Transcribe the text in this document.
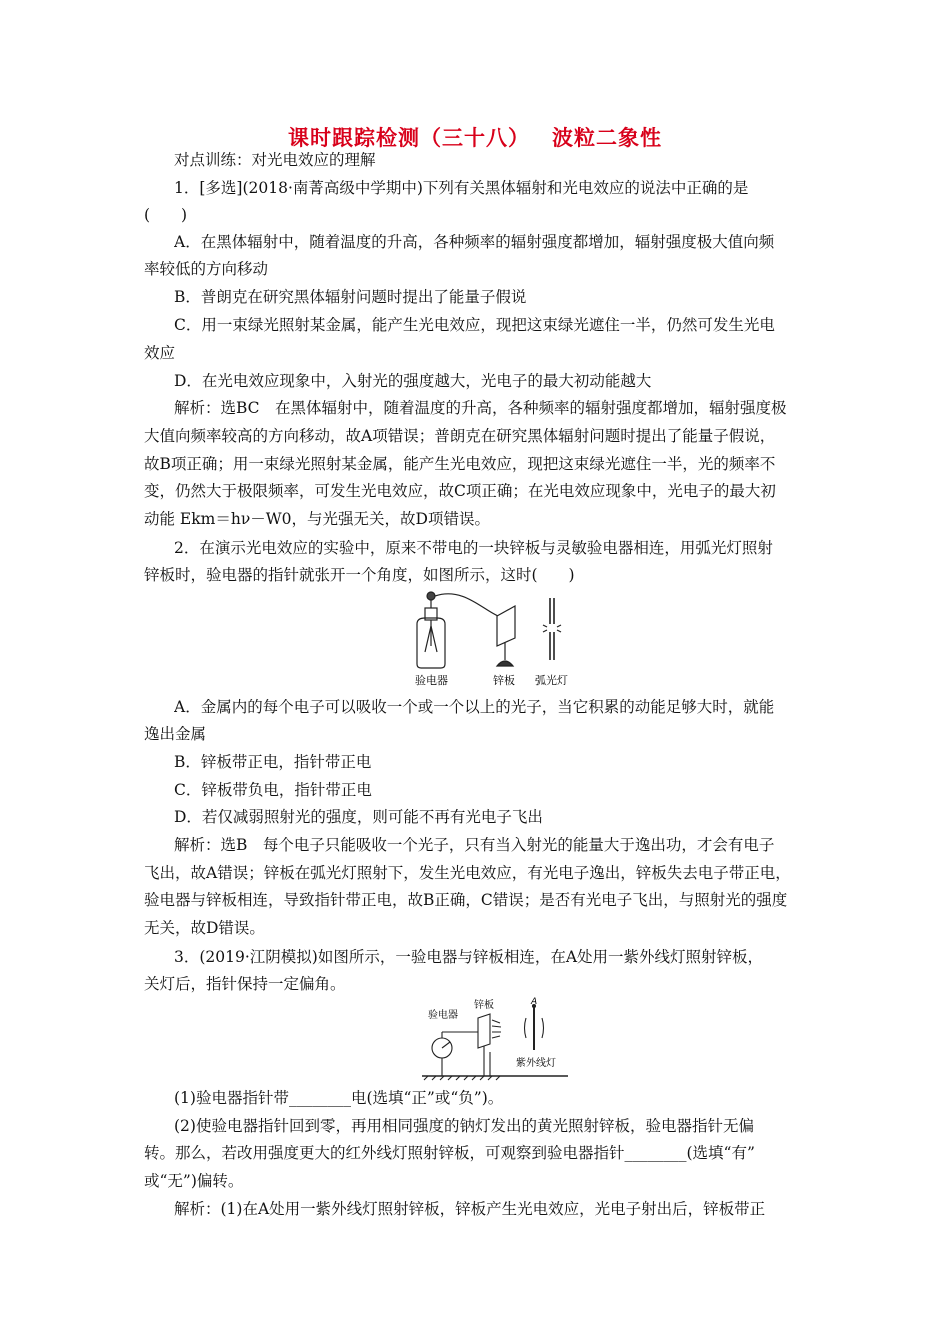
课时跟踪检测（三十八） 波粒二象性
对点训练：对光电效应的理解
1．[多选](2018·南菁高级中学期中)下列有关黑体辐射和光电效应的说法中正确的是
(　　)
A．在黑体辐射中，随着温度的升高，各种频率的辐射强度都增加，辐射强度极大值向频
率较低的方向移动
B．普朗克在研究黑体辐射问题时提出了能量子假说
C．用一束绿光照射某金属，能产生光电效应，现把这束绿光遮住一半，仍然可发生光电
效应
D．在光电效应现象中，入射光的强度越大，光电子的最大初动能越大
解析：选BC　在黑体辐射中，随着温度的升高，各种频率的辐射强度都增加，辐射强度极
大值向频率较高的方向移动，故A项错误；普朗克在研究黑体辐射问题时提出了能量子假说，
故B项正确；用一束绿光照射某金属，能产生光电效应，现把这束绿光遮住一半，光的频率不
变，仍然大于极限频率，可发生光电效应，故C项正确；在光电效应现象中，光电子的最大初
动能 Ekm＝hν－W0，与光强无关，故D项错误。
2．在演示光电效应的实验中，原来不带电的一块锌板与灵敏验电器相连，用弧光灯照射
锌板时，验电器的指针就张开一个角度，如图所示，这时(　　)
验电器	锌板 弧光灯
A．金属内的每个电子可以吸收一个或一个以上的光子，当它积累的动能足够大时，就能
逸出金属
B．锌板带正电，指针带正电
C．锌板带负电，指针带正电
D．若仅减弱照射光的强度，则可能不再有光电子飞出
解析：选B　每个电子只能吸收一个光子，只有当入射光的能量大于逸出功，才会有电子
飞出，故A错误；锌板在弧光灯照射下，发生光电效应，有光电子逸出，锌板失去电子带正电，
验电器与锌板相连，导致指针带正电，故B正确，C错误；是否有光电子飞出，与照射光的强度
无关，故D错误。
3．(2019·江阴模拟)如图所示，一验电器与锌板相连，在A处用一紫外线灯照射锌板，
关灯后，指针保持一定偏角。
验电器
锌板	A
紫外线灯
(1)验电器指针带________电(选填“正”或“负”)。
(2)使验电器指针回到零，再用相同强度的钠灯发出的黄光照射锌板，验电器指针无偏
转。那么，若改用强度更大的红外线灯照射锌板，可观察到验电器指针________(选填“有”
或“无”)偏转。
解析：(1)在A处用一紫外线灯照射锌板，锌板产生光电效应，光电子射出后，锌板带正
